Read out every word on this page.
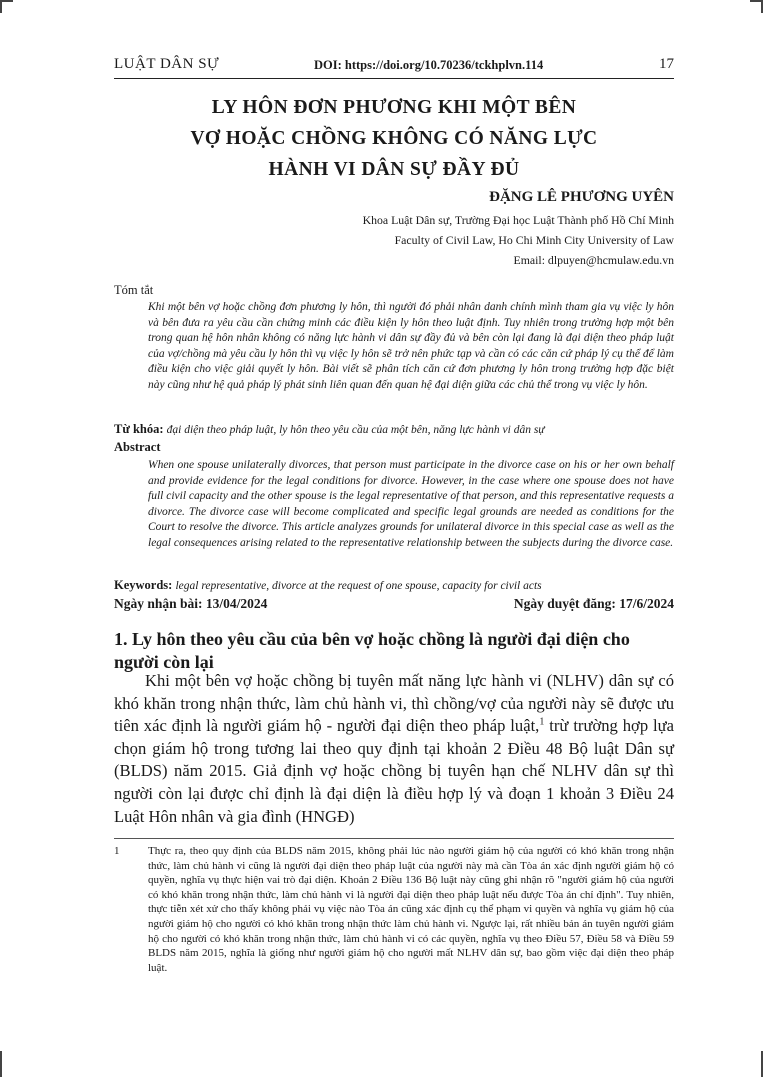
LUẬT DÂN SỰ	DOI: https://doi.org/10.70236/tckhplvn.114	17
LY HÔN ĐƠN PHƯƠNG KHI MỘT BÊN
VỢ HOẶC CHỒNG KHÔNG CÓ NĂNG LỰC
HÀNH VI DÂN SỰ ĐẦY ĐỦ
ĐẶNG LÊ PHƯƠNG UYÊN
Khoa Luật Dân sự, Trường Đại học Luật Thành phố Hồ Chí Minh
Faculty of Civil Law, Ho Chi Minh City University of Law
Email: dlpuyen@hcmulaw.edu.vn
Tóm tắt
Khi một bên vợ hoặc chồng đơn phương ly hôn, thì người đó phải nhân danh chính mình tham gia vụ việc ly hôn và bên đưa ra yêu cầu cần chứng minh các điều kiện ly hôn theo luật định. Tuy nhiên trong trường hợp một bên trong quan hệ hôn nhân không có năng lực hành vi dân sự đầy đủ và bên còn lại đang là đại diện theo pháp luật của vợ/chồng mà yêu cầu ly hôn thì vụ việc ly hôn sẽ trở nên phức tạp và cần có các căn cứ pháp lý cụ thể để làm điều kiện cho việc giải quyết ly hôn. Bài viết sẽ phân tích căn cứ đơn phương ly hôn trong trường hợp đặc biệt này cũng như hệ quả pháp lý phát sinh liên quan đến quan hệ đại diện giữa các chủ thể trong vụ việc ly hôn.
Từ khóa: đại diện theo pháp luật, ly hôn theo yêu cầu của một bên, năng lực hành vi dân sự
Abstract
When one spouse unilaterally divorces, that person must participate in the divorce case on his or her own behalf and provide evidence for the legal conditions for divorce. However, in the case where one spouse does not have full civil capacity and the other spouse is the legal representative of that person, and this representative requests a divorce. The divorce case will become complicated and specific legal grounds are needed as conditions for the Court to resolve the divorce. This article analyzes grounds for unilateral divorce in this special case as well as the legal consequences arising related to the representative relationship between the subjects during the divorce case.
Keywords: legal representative, divorce at the request of one spouse, capacity for civil acts
Ngày nhận bài: 13/04/2024	Ngày duyệt đăng: 17/6/2024
1. Ly hôn theo yêu cầu của bên vợ hoặc chồng là người đại diện cho người còn lại
Khi một bên vợ hoặc chồng bị tuyên mất năng lực hành vi (NLHV) dân sự có khó khăn trong nhận thức, làm chủ hành vi, thì chồng/vợ của người này sẽ được ưu tiên xác định là người giám hộ - người đại diện theo pháp luật,$^1$ trừ trường hợp lựa chọn giám hộ trong tương lai theo quy định tại khoản 2 Điều 48 Bộ luật Dân sự (BLDS) năm 2015. Giả định vợ hoặc chồng bị tuyên hạn chế NLHV dân sự thì người còn lại được chỉ định là đại diện là điều hợp lý và đoạn 1 khoản 3 Điều 24 Luật Hôn nhân và gia đình (HNGĐ)
1	Thực ra, theo quy định của BLDS năm 2015, không phải lúc nào người giám hộ của người có khó khăn trong nhận thức, làm chủ hành vi cũng là người đại diện theo pháp luật của người này mà cần Tòa án xác định người giám hộ có quyền, nghĩa vụ thực hiện vai trò đại diện. Khoản 2 Điều 136 Bộ luật này cũng ghi nhận rõ "người giám hộ của người có khó khăn trong nhận thức, làm chủ hành vi là người đại diện theo pháp luật nếu được Tòa án chỉ định". Tuy nhiên, thực tiễn xét xử cho thấy không phải vụ việc nào Tòa án cũng xác định cụ thể phạm vi quyền và nghĩa vụ giám hộ của người giám hộ cho người có khó khăn trong nhận thức làm chủ hành vi. Ngược lại, rất nhiều bản án tuyên người giám hộ cho người có khó khăn trong nhận thức, làm chủ hành vi có các quyền, nghĩa vụ theo Điều 57, Điều 58 và Điều 59 BLDS năm 2015, nghĩa là giống như người giám hộ cho người mất NLHV dân sự, bao gồm việc đại diện theo pháp luật.
